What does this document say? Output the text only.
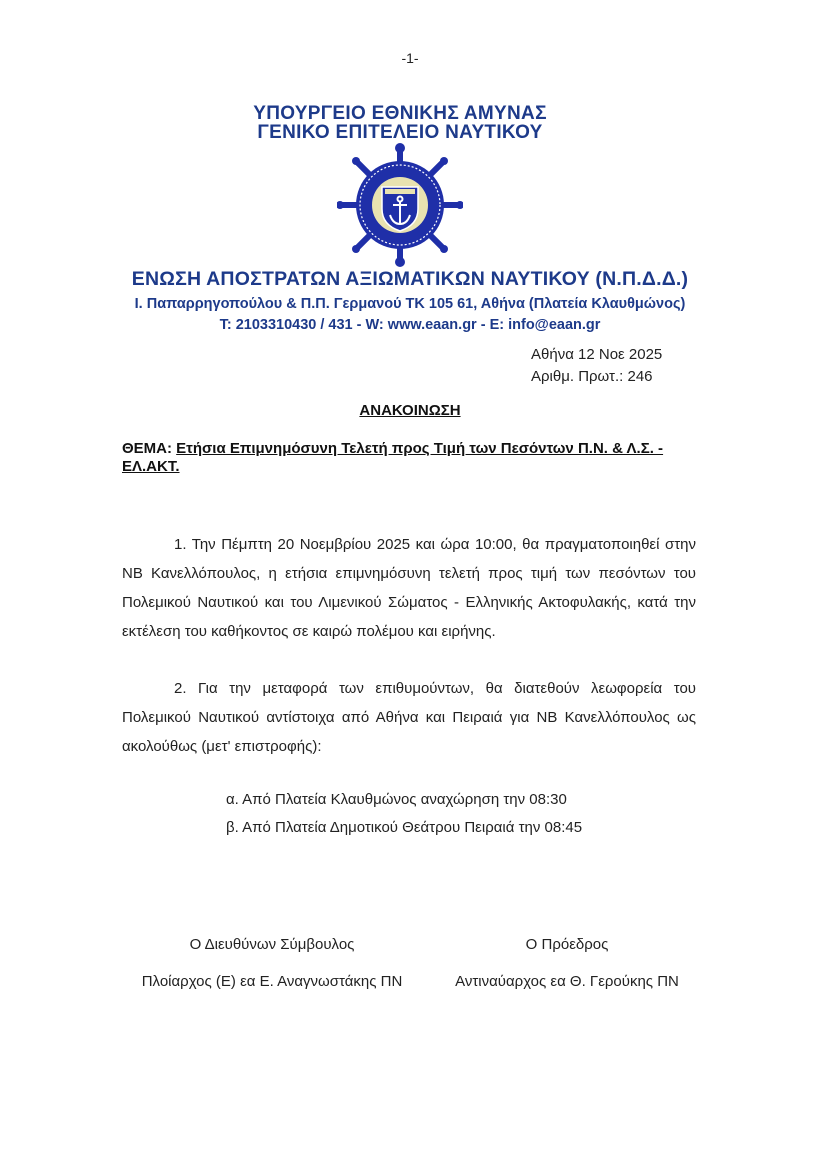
-1-
ΥΠΟΥΡΓΕΙΟ ΕΘΝΙΚΗΣ ΑΜΥΝΑΣ
ΓΕΝΙΚΟ ΕΠΙΤΕΛΕΙΟ ΝΑΥΤΙΚΟΥ
ΕΝΩΣΗ ΑΠΟΣΤΡΑΤΩΝ ΑΞΙΩΜΑΤΙΚΩΝ ΝΑΥΤΙΚΟΥ (Ν.Π.Δ.Δ.)
Ι. Παπαρρηγοπούλου & Π.Π. Γερμανού ΤΚ 105 61, Αθήνα (Πλατεία Κλαυθμώνος)
T: 2103310430 / 431 - W: www.eaan.gr - E: info@eaan.gr
Αθήνα 12 Νοε 2025
Αριθμ. Πρωτ.: 246
ΑΝΑΚΟΙΝΩΣΗ
ΘΕΜΑ: Ετήσια Επιμνημόσυνη Τελετή προς Τιμή των Πεσόντων Π.Ν. & Λ.Σ. - ΕΛ.ΑΚΤ.
1. Την Πέμπτη 20 Νοεμβρίου 2025 και ώρα 10:00, θα πραγματοποιηθεί στην ΝΒ Κανελλόπουλος, η ετήσια επιμνημόσυνη τελετή προς τιμή των πεσόντων του Πολεμικού Ναυτικού και του Λιμενικού Σώματος - Ελληνικής Ακτοφυλακής, κατά την εκτέλεση του καθήκοντος σε καιρώ πολέμου και ειρήνης.
2. Για την μεταφορά των επιθυμούντων, θα διατεθούν λεωφορεία του Πολεμικού Ναυτικού αντίστοιχα από Αθήνα και Πειραιά για ΝΒ Κανελλόπουλος ως ακολούθως (μετ' επιστροφής):
α. Από Πλατεία Κλαυθμώνος αναχώρηση την 08:30
β. Από Πλατεία Δημοτικού Θεάτρου Πειραιά την 08:45
Ο Διευθύνων Σύμβουλος	Ο Πρόεδρος
Πλοίαρχος (Ε) εα Ε. Αναγνωστάκης ΠΝ	Αντιναύαρχος εα Θ. Γερούκης ΠΝ
